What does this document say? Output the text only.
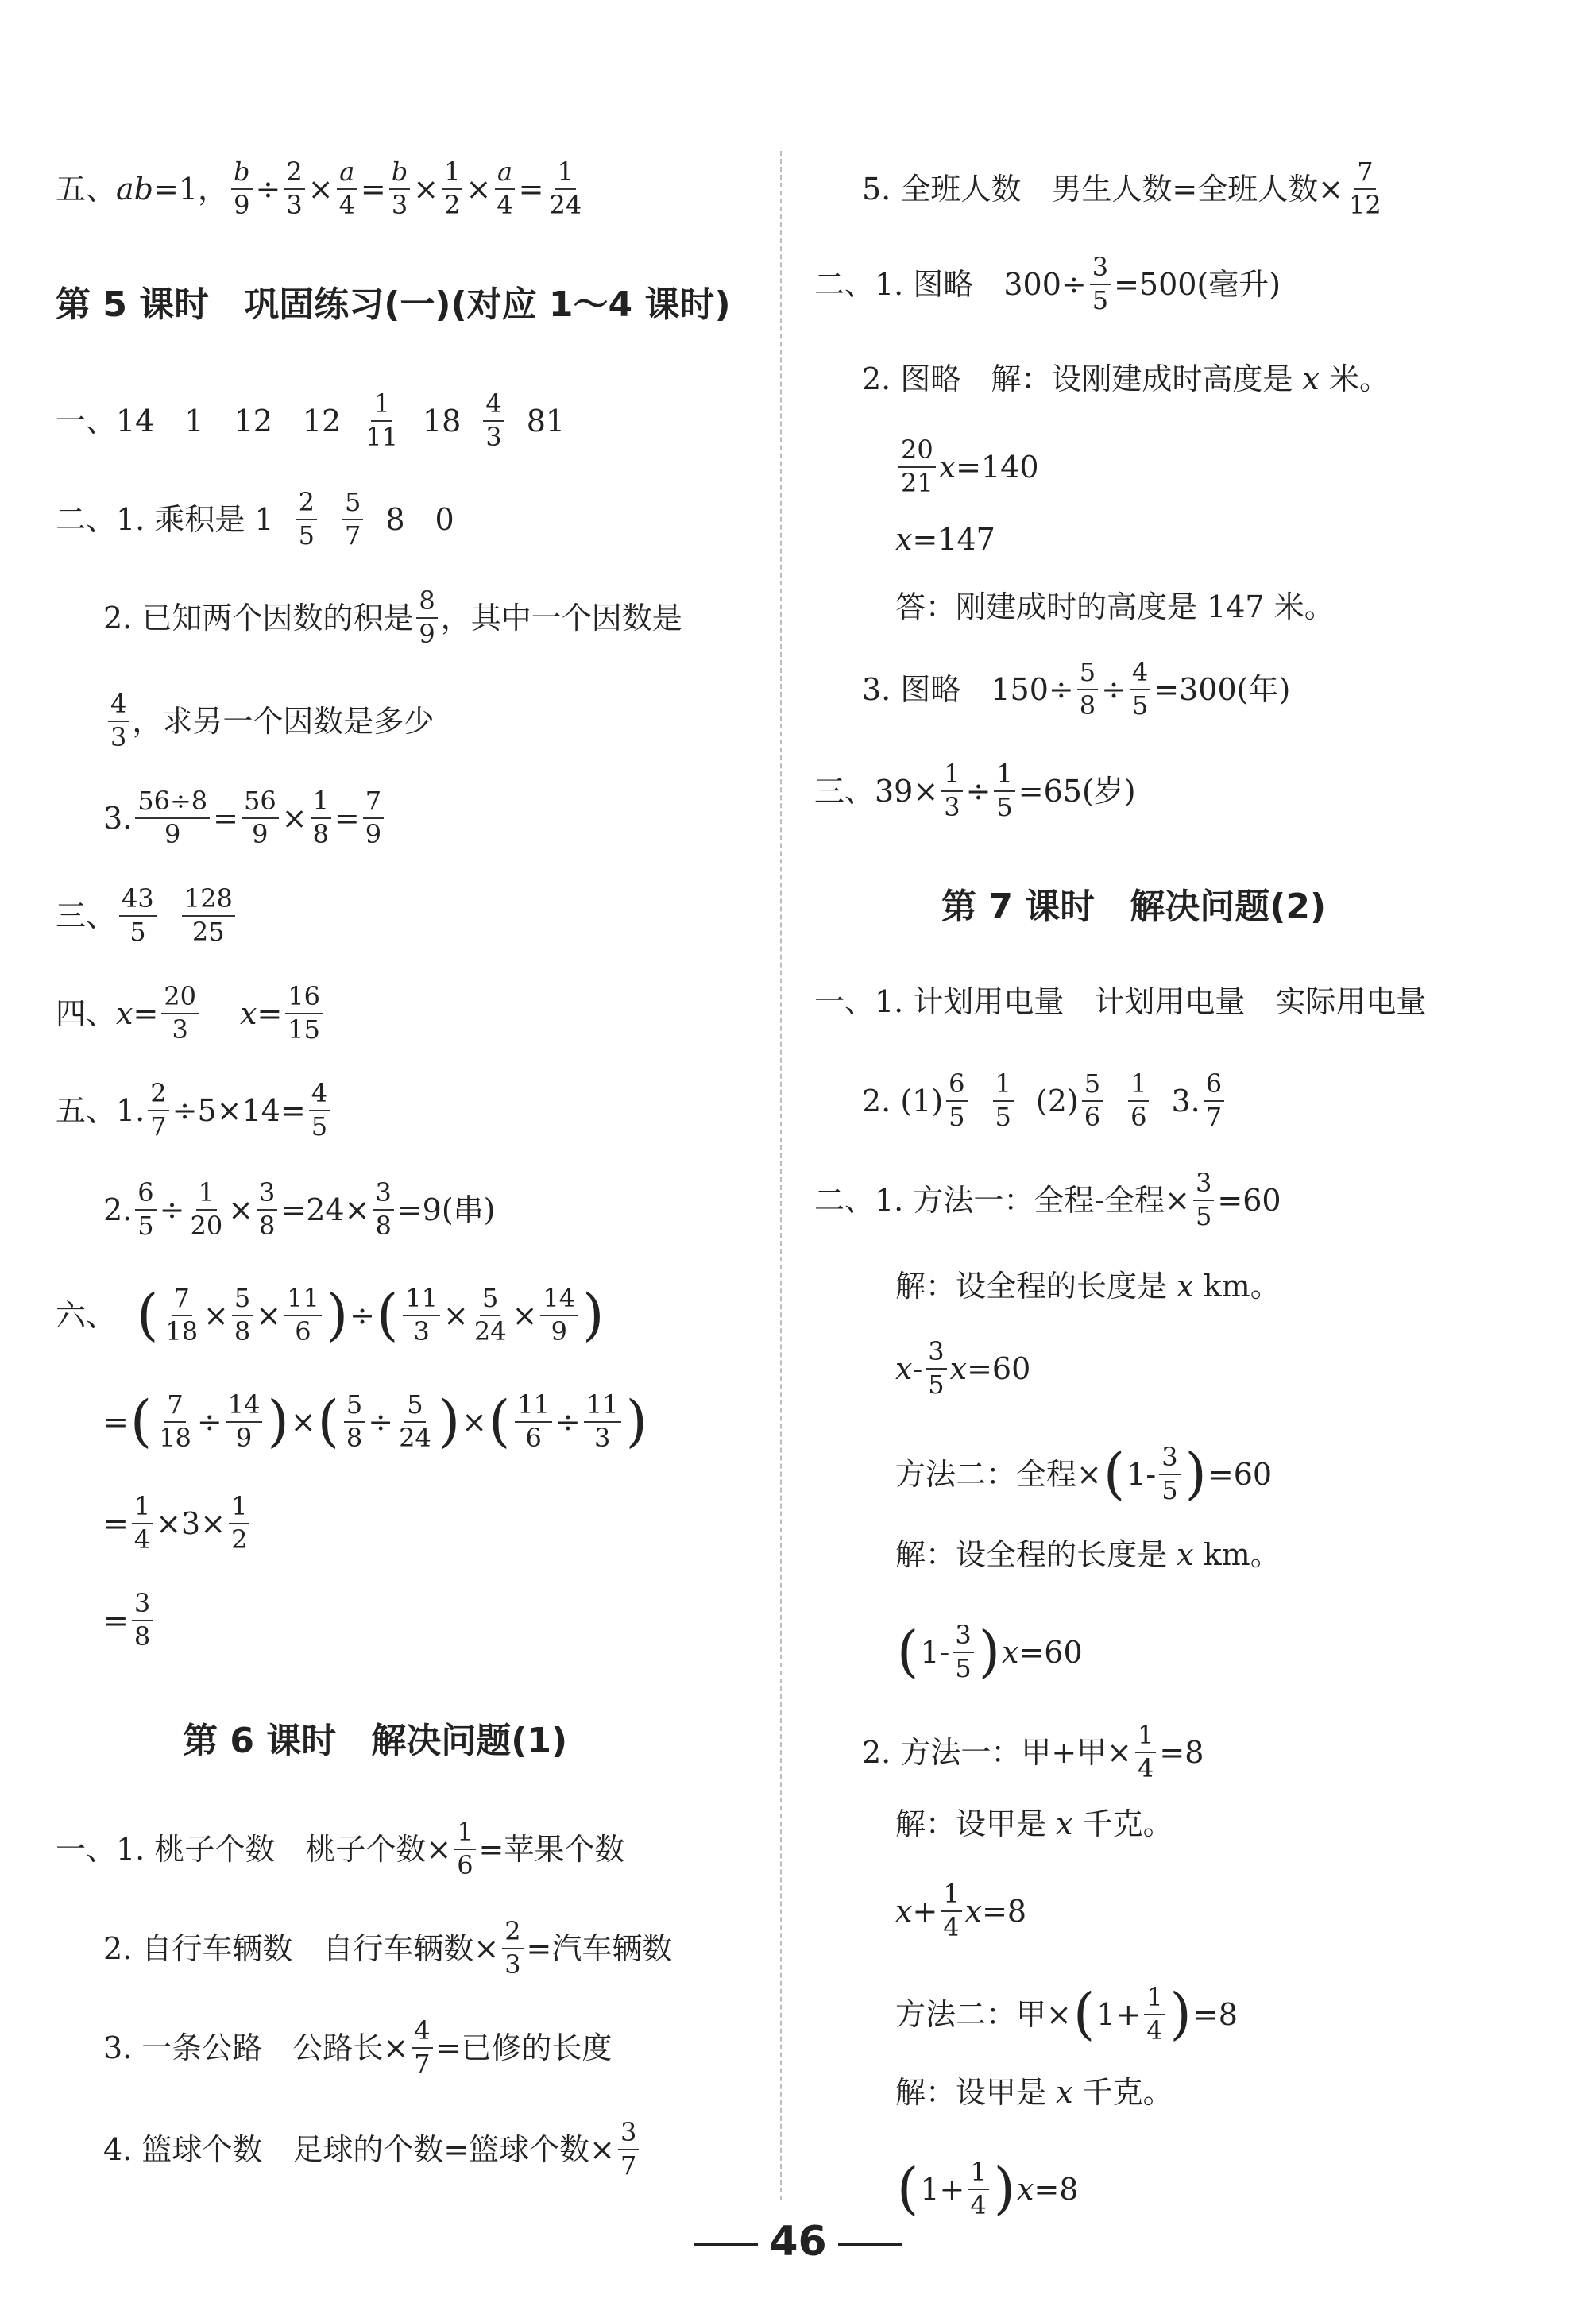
五、 ab =1， $\frac{b}{9} \div \frac{2}{3} \times \frac{a}{4} = \frac{b}{3} \times \frac{1}{2} \times \frac{a}{4} = \frac{1}{24}$
第 5 课时　巩固练习(一)(对应 1～4 课时)
一、14　1　12　$12 \frac{1}{11} 18 \frac{4}{3} 81$
二、1. 乘积是 $1 \frac{2}{5} \frac{5}{7} 8$　0
2. 已知两个因数的积是 $\frac{8}{9}$ ，其中一个因数是
$\frac{4}{3}$ ，求另一个因数是多少
3. $\frac{56\div 8}{9} = \frac{56}{9} \times \frac{1}{8} = \frac{7}{9}$
三、 $\frac{43}{5} \frac{128}{25}$
四、 $x = \frac{20}{3}$ $x = \frac{16}{15}$
五、1. $\frac{2}{7} \div 5\times 14= \frac{4}{5}$
2. $\frac{6}{5} \div \frac{1}{20} \times \frac{3}{8} =24\times \frac{3}{8} =9$(串)
六、 ( $\frac{7}{18} \times \frac{5}{8} \times \frac{11}{6}$ ) ÷ ( $\frac{11}{3} \times \frac{5}{24} \times \frac{14}{9}$ )
= ( $\frac{7}{18} \div \frac{14}{9}$ ) × ( $\frac{5}{8} \div \frac{5}{24}$ ) × ( $\frac{11}{6} \div \frac{11}{3}$ )
= $\frac{1}{4} \times 3\times \frac{1}{2}$
= $\frac{3}{8}$
第 6 课时　解决问题(1)
一、1. 桃子个数　桃子个数× $\frac{1}{6}$ =苹果个数
2. 自行车辆数　自行车辆数× $\frac{2}{3}$ =汽车辆数
3. 一条公路　公路长× $\frac{4}{7}$ =已修的长度
4. 篮球个数　足球的个数=篮球个数× $\frac{3}{7}$
5. 全班人数　男生人数=全班人数× $\frac{7}{12}$
二、1. 图略　$300\div \frac{3}{5} =500$(毫升)
2. 图略　解：设刚建成时高度是
x
米。
$\frac{20}{21}$ x =140
x =147
答：刚建成时的高度是 147 米。
3. 图略　$150\div \frac{5}{8} \div \frac{4}{5} =300$(年)
三、$39\times \frac{1}{3} \div \frac{1}{5} =65$(岁)
第 7 课时　解决问题(2)
一、1. 计划用电量　计划用电量　实际用电量
2. $(1) \frac{6}{5} \frac{1}{5} (2) \frac{5}{6} \frac{1}{6} 3$. $\frac{6}{7}$
二、1. 方法一：全程-全程× $\frac{3}{5} =60$
解：设全程的长度是
x
km。
x - $\frac{3}{5}$ x =60
方法二：全程× ( $1- \frac{3}{5}$ ) =60
解：设全程的长度是
x
km。
( $1- \frac{3}{5}$ ) x =60
2. 方法一：甲+甲× $\frac{1}{4} =8$
解：设甲是
x
千克。
$x + \frac{1}{4}$ x =8
方法二：甲× ( $1+ \frac{1}{4}$ ) =8
解：设甲是
x
千克。
( $1+ \frac{1}{4}$ ) x =8
46
